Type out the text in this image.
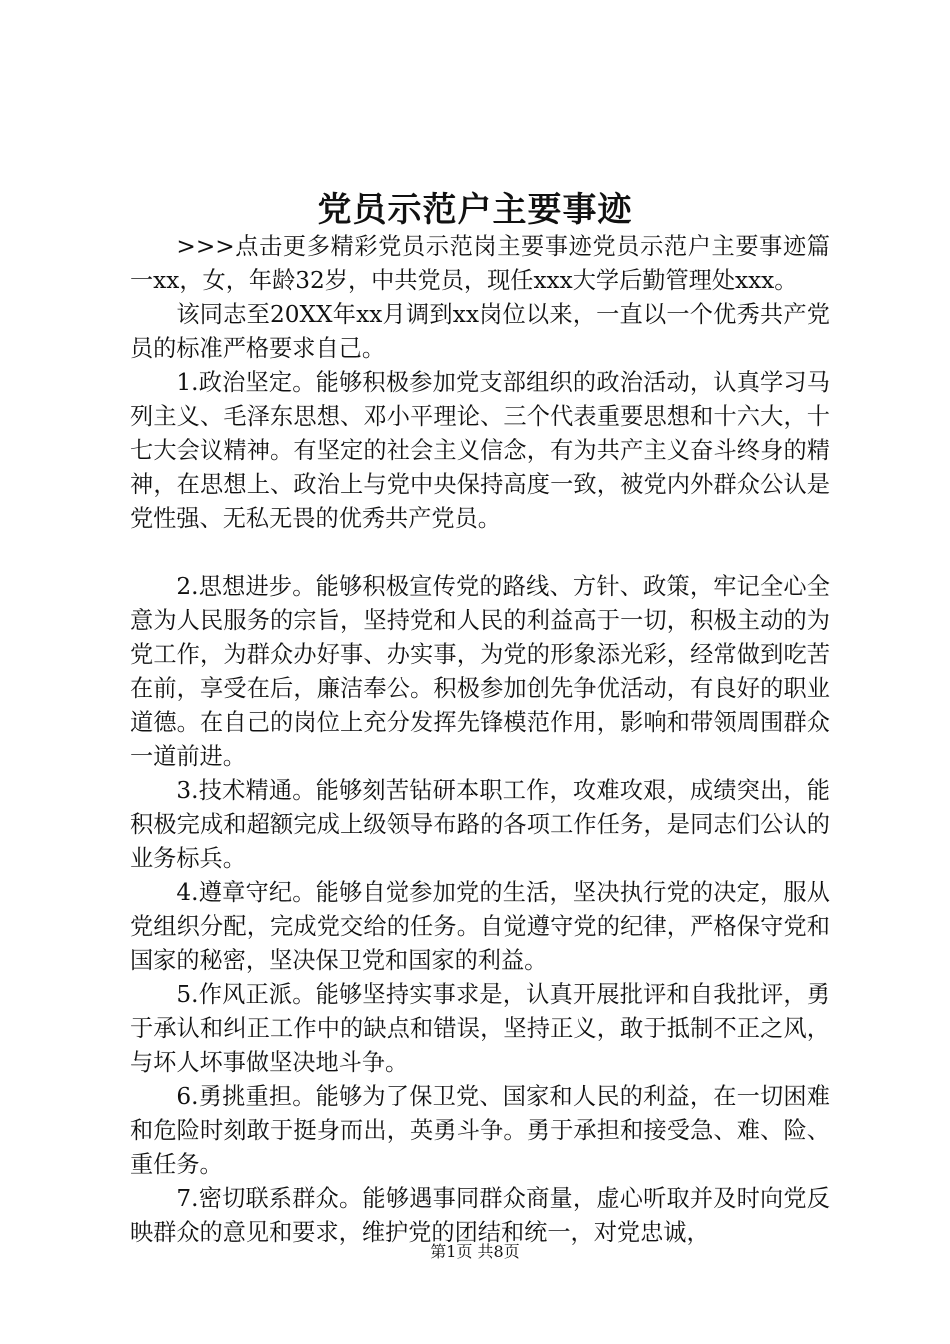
党员示范户主要事迹

>>>点击更多精彩党员示范岗主要事迹党员示范户主要事迹篇一xx，女，年龄32岁，中共党员，现任xxx大学后勤管理处xxx。

该同志至20XX年xx月调到xx岗位以来，一直以一个优秀共产党员的标准严格要求自己。

1.政治坚定。能够积极参加党支部组织的政治活动，认真学习马列主义、毛泽东思想、邓小平理论、三个代表重要思想和十六大，十七大会议精神。有坚定的社会主义信念，有为共产主义奋斗终身的精神，在思想上、政治上与党中央保持高度一致，被党内外群众公认是党性强、无私无畏的优秀共产党员。

2.思想进步。能够积极宣传党的路线、方针、政策，牢记全心全意为人民服务的宗旨，坚持党和人民的利益高于一切，积极主动的为党工作，为群众办好事、办实事，为党的形象添光彩，经常做到吃苦在前，享受在后，廉洁奉公。积极参加创先争优活动，有良好的职业道德。在自己的岗位上充分发挥先锋模范作用，影响和带领周围群众一道前进。

3.技术精通。能够刻苦钻研本职工作，攻难攻艰，成绩突出，能积极完成和超额完成上级领导布路的各项工作任务，是同志们公认的业务标兵。

4.遵章守纪。能够自觉参加党的生活，坚决执行党的决定，服从党组织分配，完成党交给的任务。自觉遵守党的纪律，严格保守党和国家的秘密，坚决保卫党和国家的利益。

5.作风正派。能够坚持实事求是，认真开展批评和自我批评，勇于承认和纠正工作中的缺点和错误，坚持正义，敢于抵制不正之风，与坏人坏事做坚决地斗争。

6.勇挑重担。能够为了保卫党、国家和人民的利益，在一切困难和危险时刻敢于挺身而出，英勇斗争。勇于承担和接受急、难、险、重任务。

7.密切联系群众。能够遇事同群众商量，虚心听取并及时向党反映群众的意见和要求，维护党的团结和统一，对党忠诚，

第1页 共8页
